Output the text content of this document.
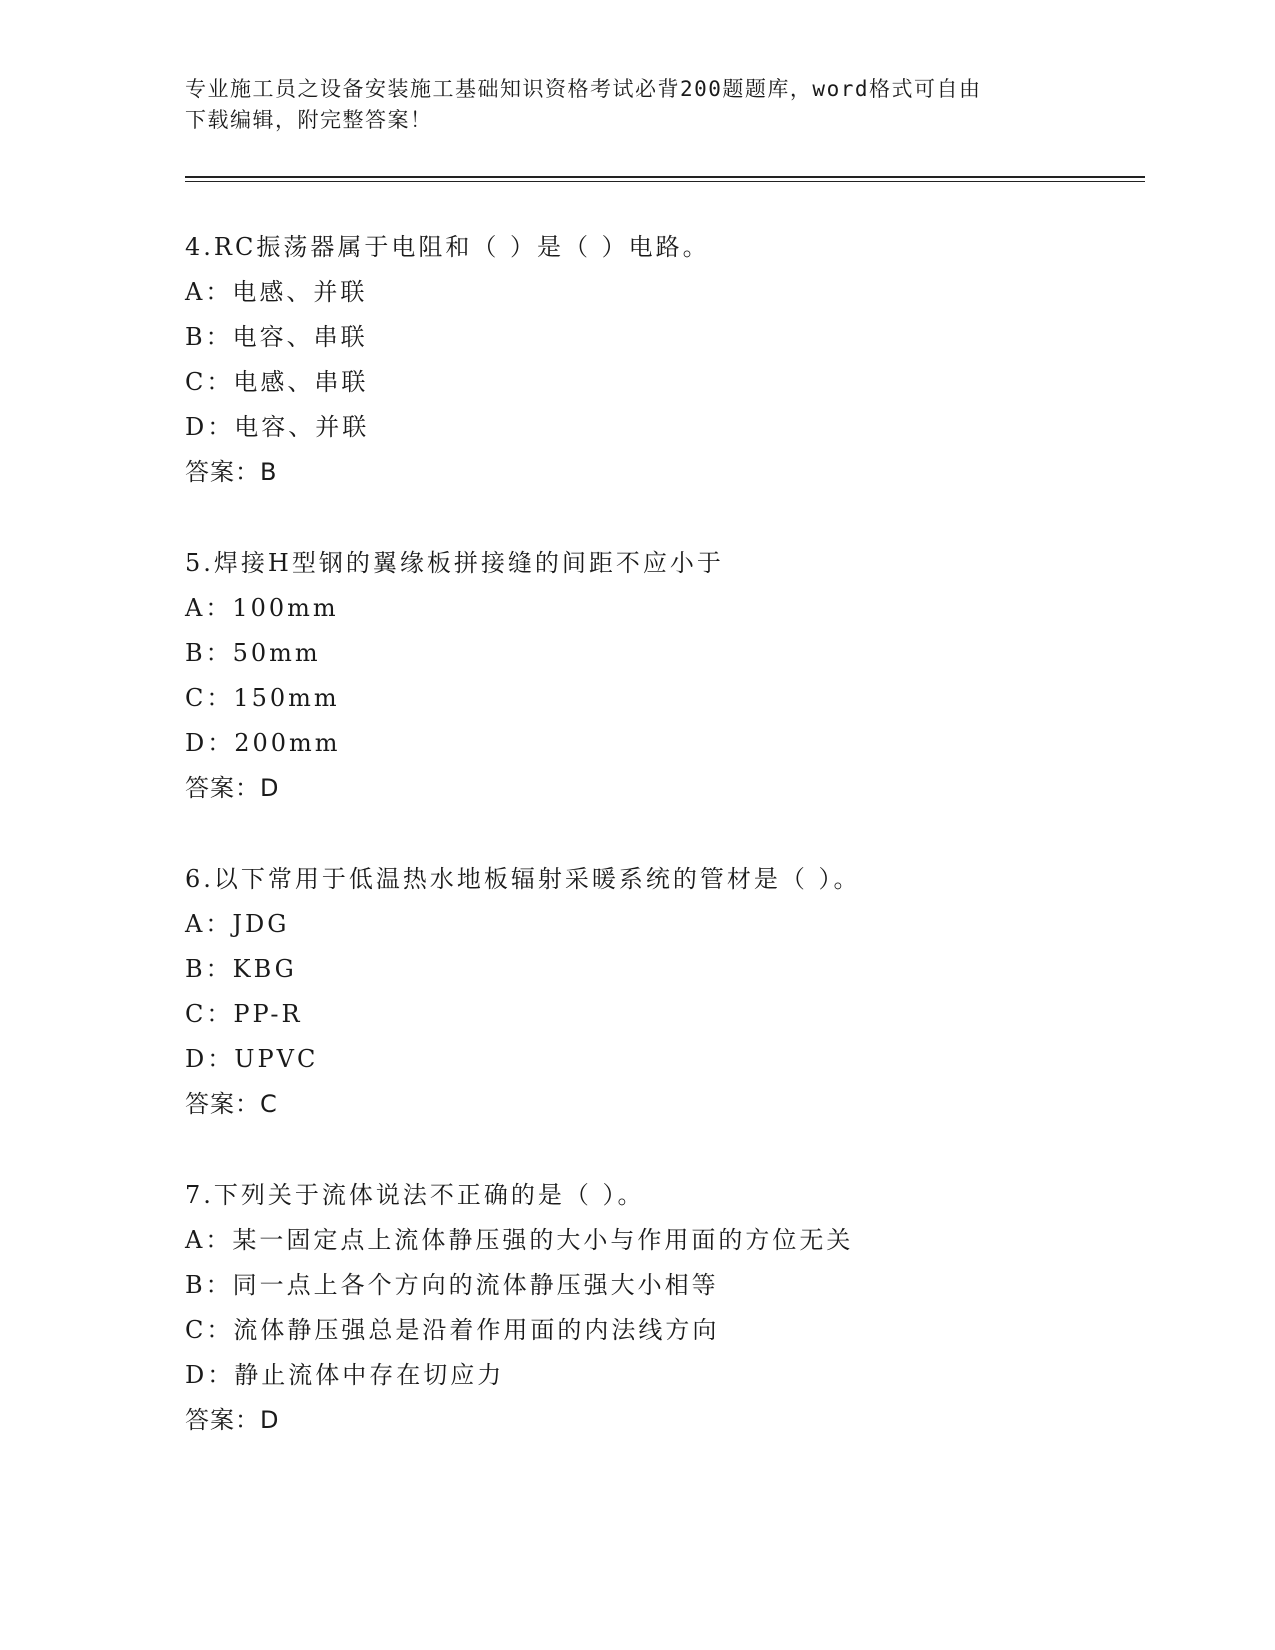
专业施工员之设备安装施工基础知识资格考试必背200题题库，word格式可自由
下载编辑，附完整答案！
4.RC振荡器属于电阻和（ ）是（ ）电路。
A：电感、并联
B：电容、串联
C：电感、串联
D：电容、并联
答案：B
5.焊接H型钢的翼缘板拼接缝的间距不应小于
A：100mm
B：50mm
C：150mm
D：200mm
答案：D
6.以下常用于低温热水地板辐射采暖系统的管材是（ ）。
A：JDG
B：KBG
C：PP-R
D：UPVC
答案：C
7.下列关于流体说法不正确的是（ ）。
A：某一固定点上流体静压强的大小与作用面的方位无关
B：同一点上各个方向的流体静压强大小相等
C：流体静压强总是沿着作用面的内法线方向
D：静止流体中存在切应力
答案：D
